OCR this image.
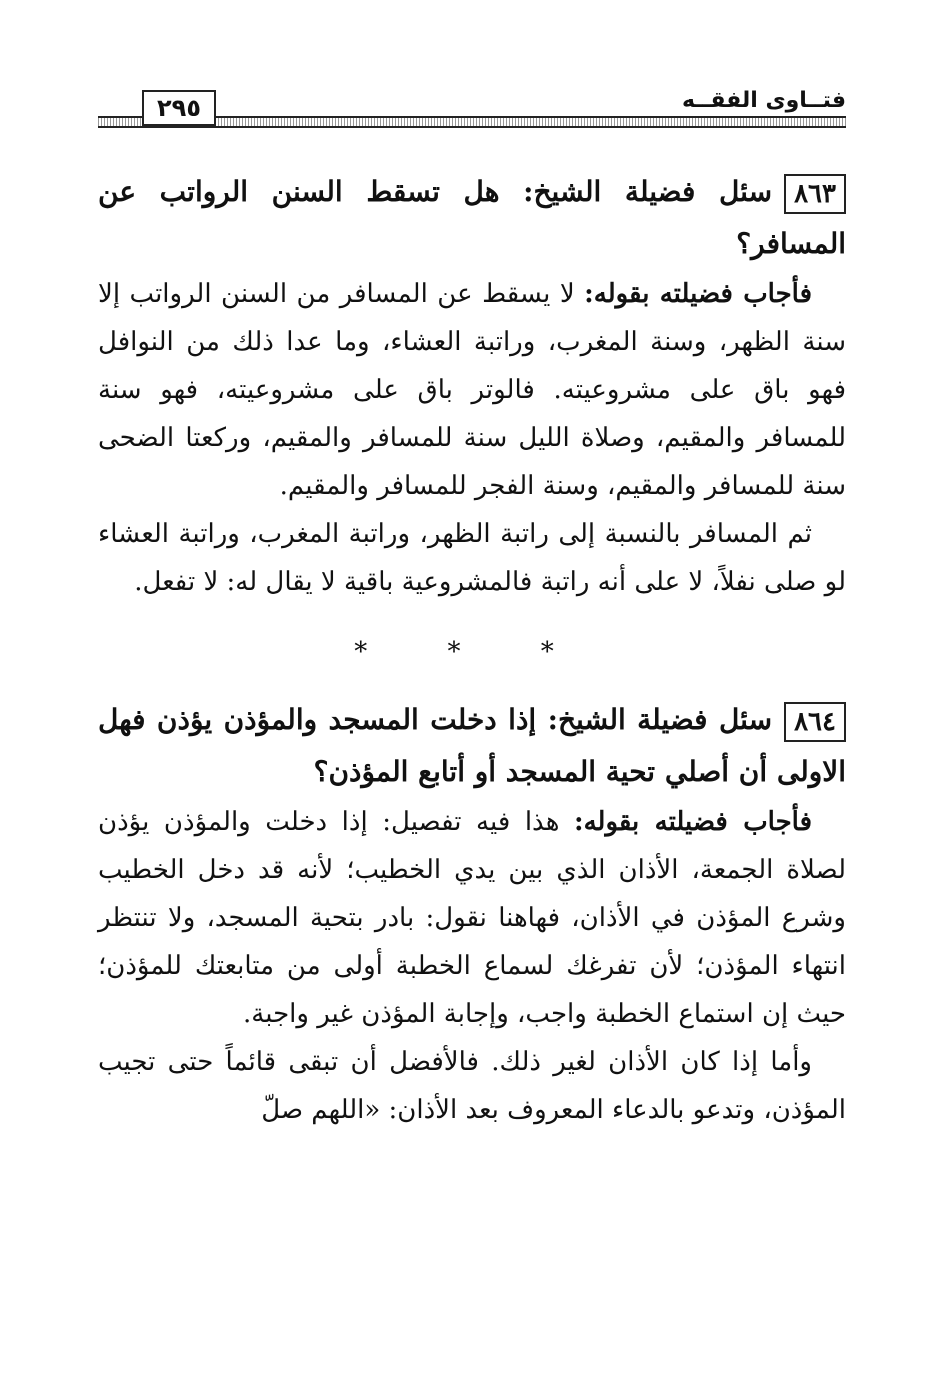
فتــاوى الفقــه
٢٩٥

٨٦٣سئل فضيلة الشيخ: هل تسقط السنن الرواتب عن المسافر؟

فأجاب فضيلته بقوله: لا يسقط عن المسافر من السنن الرواتب إلا سنة الظهر، وسنة المغرب، وراتبة العشاء، وما عدا ذلك من النوافل فهو باق على مشروعيته. فالوتر باق على مشروعيته، فهو سنة للمسافر والمقيم، وصلاة الليل سنة للمسافر والمقيم، وركعتا الضحى سنة للمسافر والمقيم، وسنة الفجر للمسافر والمقيم.

ثم المسافر بالنسبة إلى راتبة الظهر، وراتبة المغرب، وراتبة العشاء لو صلى نفلاً، لا على أنه راتبة فالمشروعية باقية لا يقال له: لا تفعل.

* * *

٨٦٤سئل فضيلة الشيخ: إذا دخلت المسجد والمؤذن يؤذن فهل الاولى أن أصلي تحية المسجد أو أتابع المؤذن؟

فأجاب فضيلته بقوله: هذا فيه تفصيل: إذا دخلت والمؤذن يؤذن لصلاة الجمعة، الأذان الذي بين يدي الخطيب؛ لأنه قد دخل الخطيب وشرع المؤذن في الأذان، فهاهنا نقول: بادر بتحية المسجد، ولا تنتظر انتهاء المؤذن؛ لأن تفرغك لسماع الخطبة أولى من متابعتك للمؤذن؛ حيث إن استماع الخطبة واجب، وإجابة المؤذن غير واجبة.

وأما إذا كان الأذان لغير ذلك. فالأفضل أن تبقى قائماً حتى تجيب المؤذن، وتدعو بالدعاء المعروف بعد الأذان: «اللهم صلّ
